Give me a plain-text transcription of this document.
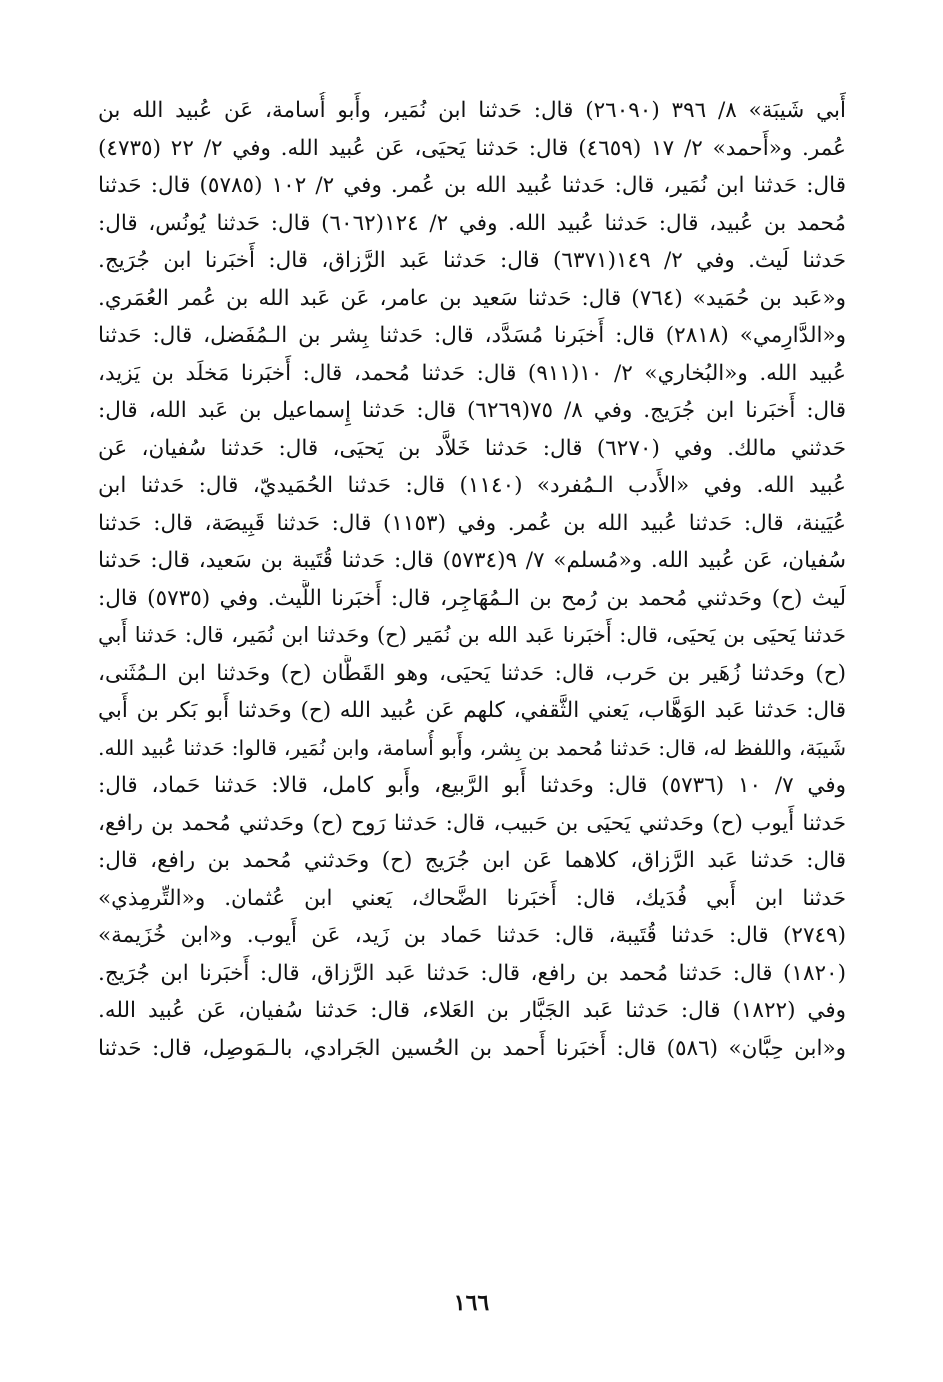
أَبي شَيبَة» ٨/ ٣٩٦ (٢٦٠٩٠) قال: حَدثنا ابن نُمَير، وأَبو أُسامة، عَن عُبيد الله بن
عُمر. و«أَحمد» ٢/ ١٧ (٤٦٥٩) قال: حَدثنا يَحيَى، عَن عُبيد الله. وفي ٢/ ٢٢ (٤٧٣٥)
قال: حَدثنا ابن نُمَير، قال: حَدثنا عُبيد الله بن عُمر. وفي ٢/ ١٠٢ (٥٧٨٥) قال: حَدثنا
مُحمد بن عُبيد، قال: حَدثنا عُبيد الله. وفي ٢/ ١٢٤(٦٠٦٢) قال: حَدثنا يُونُس، قال:
حَدثنا لَيث. وفي ٢/ ١٤٩(٦٣٧١) قال: حَدثنا عَبد الرَّزاق، قال: أَخبَرنا ابن جُرَيج.
و«عَبد بن حُمَيد» (٧٦٤) قال: حَدثنا سَعيد بن عامر، عَن عَبد الله بن عُمر العُمَري.
و«الدَّارِمي» (٢٨١٨) قال: أَخبَرنا مُسَدَّد، قال: حَدثنا بِشر بن الـمُفَضل، قال: حَدثنا
عُبيد الله. و«البُخاري» ٢/ ١٠(٩١١) قال: حَدثنا مُحمد، قال: أَخبَرنا مَخلَد بن يَزيد،
قال: أَخبَرنا ابن جُرَيج. وفي ٨/ ٧٥(٦٢٦٩) قال: حَدثنا إِسماعيل بن عَبد الله، قال:
حَدثني مالك. وفي (٦٢٧٠) قال: حَدثنا خَلاَّد بن يَحيَى، قال: حَدثنا سُفيان، عَن
عُبيد الله. وفي «الأَدب الـمُفرد» (١١٤٠) قال: حَدثنا الحُمَيديّ، قال: حَدثنا ابن
عُيَينة، قال: حَدثنا عُبيد الله بن عُمر. وفي (١١٥٣) قال: حَدثنا قَبِيصَة، قال: حَدثنا
سُفيان، عَن عُبيد الله. و«مُسلم» ٧/ ٩(٥٧٣٤) قال: حَدثنا قُتَيبة بن سَعيد، قال: حَدثنا
لَيث (ح) وحَدثني مُحمد بن رُمح بن الـمُهَاجِر، قال: أَخبَرنا اللَّيث. وفي (٥٧٣٥) قال:
حَدثنا يَحيَى بن يَحيَى، قال: أَخبَرنا عَبد الله بن نُمَير (ح) وحَدثنا ابن نُمَير، قال: حَدثنا أَبي
(ح) وحَدثنا زُهَير بن حَرب، قال: حَدثنا يَحيَى، وهو القَطَّان (ح) وحَدثنا ابن الـمُثَنى،
قال: حَدثنا عَبد الوَهَّاب، يَعني الثَّقفي، كلهم عَن عُبيد الله (ح) وحَدثنا أَبو بَكر بن أَبي
شَيبَة، واللفظ له، قال: حَدثنا مُحمد بن بِشر، وأَبو أُسامة، وابن نُمَير، قالوا: حَدثنا عُبيد الله.
وفي ٧/ ١٠ (٥٧٣٦) قال: وحَدثنا أَبو الرَّبيع، وأَبو كامل، قالا: حَدثنا حَماد، قال:
حَدثنا أَيوب (ح) وحَدثني يَحيَى بن حَبيب، قال: حَدثنا رَوح (ح) وحَدثني مُحمد بن رافع،
قال: حَدثنا عَبد الرَّزاق، كلاهما عَن ابن جُرَيج (ح) وحَدثني مُحمد بن رافع، قال:
حَدثنا ابن أَبي فُدَيك، قال: أَخبَرنا الضَّحاك، يَعني ابن عُثمان. و«التِّرمِذي»
(٢٧٤٩) قال: حَدثنا قُتَيبة، قال: حَدثنا حَماد بن زَيد، عَن أَيوب. و«ابن خُزَيمة»
(١٨٢٠) قال: حَدثنا مُحمد بن رافع، قال: حَدثنا عَبد الرَّزاق، قال: أَخبَرنا ابن جُرَيج.
وفي (١٨٢٢) قال: حَدثنا عَبد الجَبَّار بن العَلاء، قال: حَدثنا سُفيان، عَن عُبيد الله.
و«ابن حِبَّان» (٥٨٦) قال: أَخبَرنا أَحمد بن الحُسين الجَرادي، بالـمَوصِل، قال: حَدثنا
١٦٦
